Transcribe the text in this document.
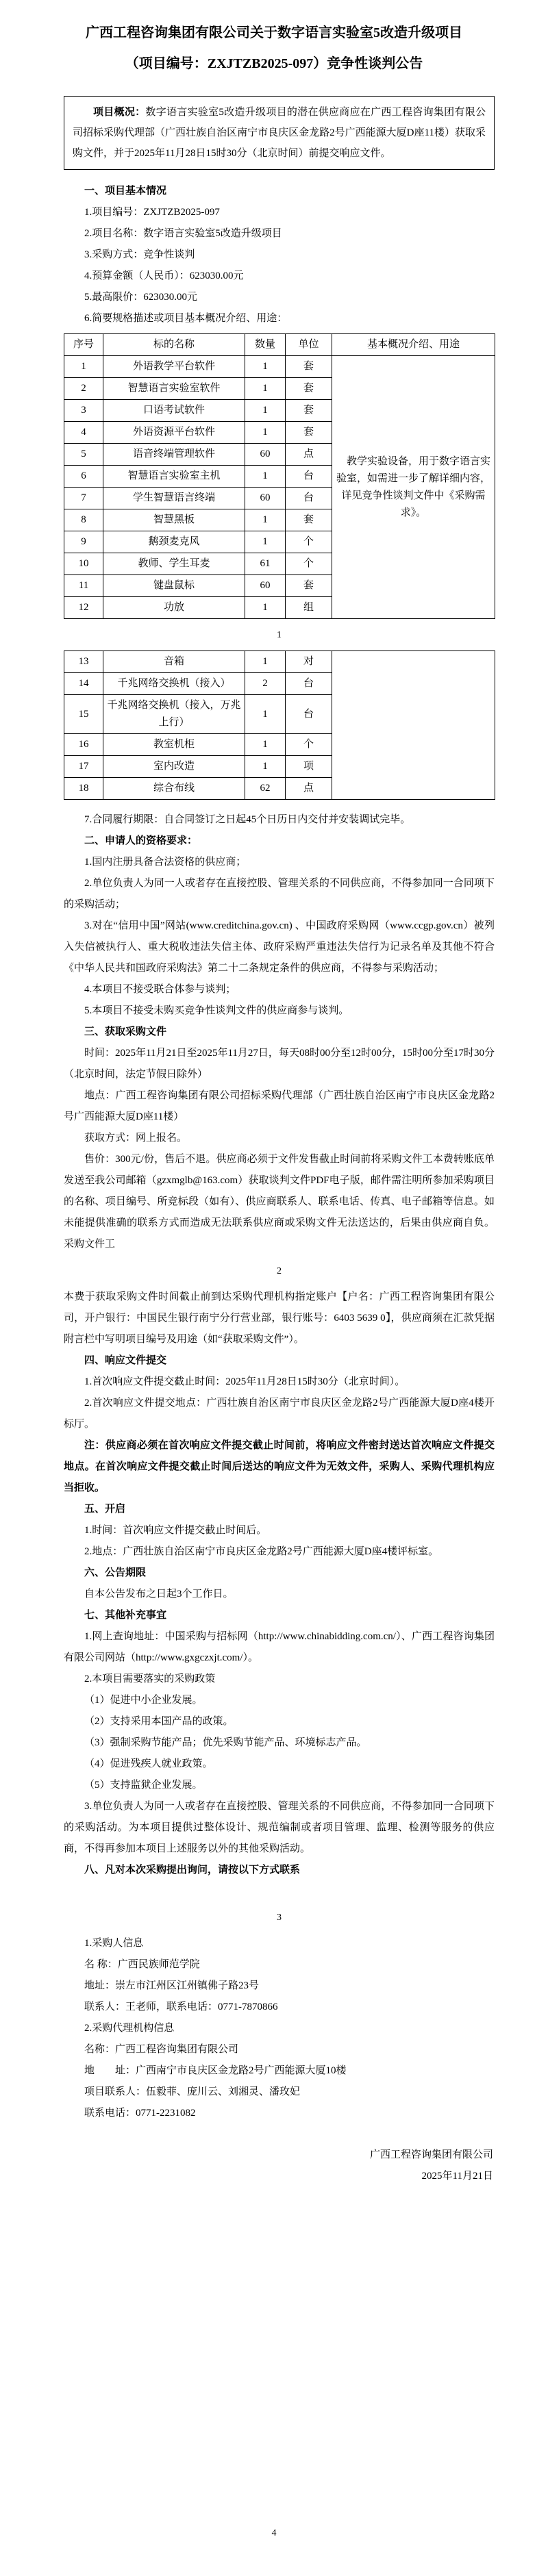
广西工程咨询集团有限公司关于数字语言实验室5改造升级项目
（项目编号：ZXJTZB2025-097）竞争性谈判公告

项目概况：数字语言实验室5改造升级项目的潜在供应商应在广西工程咨询集团有限公司招标采购代理部（广西壮族自治区南宁市良庆区金龙路2号广西能源大厦D座11楼）获取采购文件，并于2025年11月28日15时30分（北京时间）前提交响应文件。

一、项目基本情况

1.项目编号：ZXJTZB2025-097

2.项目名称：数字语言实验室5改造升级项目

3.采购方式：竞争性谈判

4.预算金额（人民币）：623030.00元

5.最高限价：623030.00元

6.简要规格描述或项目基本概况介绍、用途：

序号	标的名称	数量	单位	基本概况介绍、用途
1	外语教学平台软件	1	套	教学实验设备，用于数字语言实验室，如需进一步了解详细内容，详见竞争性谈判文件中《采购需求》。
2	智慧语言实验室软件	1	套	
3	口语考试软件	1	套	
4	外语资源平台软件	1	套	
5	语音终端管理软件	60	点	
6	智慧语言实验室主机	1	台	
7	学生智慧语言终端	60	台	
8	智慧黑板	1	套	
9	鹅颈麦克风	1	个	
10	教师、学生耳麦	61	个	
11	键盘鼠标	60	套	
12	功放	1	组	
1
13	音箱	1	对	
14	千兆网络交换机（接入）	2	台	
15	千兆网络交换机（接入，万兆上行）	1	台	
16	教室机柜	1	个	
17	室内改造	1	项	
18	综合布线	62	点	

7.合同履行期限：自合同签订之日起45个日历日内交付并安装调试完毕。

二、申请人的资格要求：

1.国内注册具备合法资格的供应商；

2.单位负责人为同一人或者存在直接控股、管理关系的不同供应商，不得参加同一合同项下的采购活动；

3.对在“信用中国”网站(www.creditchina.gov.cn) 、中国政府采购网（www.ccgp.gov.cn）被列入失信被执行人、重大税收违法失信主体、政府采购严重违法失信行为记录名单及其他不符合《中华人民共和国政府采购法》第二十二条规定条件的供应商，不得参与采购活动；

4.本项目不接受联合体参与谈判；

5.本项目不接受未购买竞争性谈判文件的供应商参与谈判。

三、获取采购文件

时间：2025年11月21日至2025年11月27日，每天08时00分至12时00分，15时00分至17时30分（北京时间，法定节假日除外）

地点：广西工程咨询集团有限公司招标采购代理部（广西壮族自治区南宁市良庆区金龙路2号广西能源大厦D座11楼）

获取方式：网上报名。

售价：300元/份，售后不退。供应商必须于文件发售截止时间前将采购文件工本费转账底单发送至我公司邮箱（gzxmglb@163.com）获取谈判文件PDF电子版，邮件需注明所参加采购项目的名称、项目编号、所竞标段（如有）、供应商联系人、联系电话、传真、电子邮箱等信息。如未能提供准确的联系方式而造成无法联系供应商或采购文件无法送达的，后果由供应商自负。采购文件工

2

本费于获取采购文件时间截止前到达采购代理机构指定账户【户名：广西工程咨询集团有限公司，开户银行：中国民生银行南宁分行营业部，银行账号：6403 5639 0】，供应商须在汇款凭据附言栏中写明项目编号及用途（如“获取采购文件”）。

四、响应文件提交

1.首次响应文件提交截止时间：2025年11月28日15时30分（北京时间）。

2.首次响应文件提交地点：广西壮族自治区南宁市良庆区金龙路2号广西能源大厦D座4楼开标厅。

注：供应商必须在首次响应文件提交截止时间前，将响应文件密封送达首次响应文件提交地点。在首次响应文件提交截止时间后送达的响应文件为无效文件，采购人、采购代理机构应当拒收。

五、开启

1.时间：首次响应文件提交截止时间后。

2.地点：广西壮族自治区南宁市良庆区金龙路2号广西能源大厦D座4楼评标室。

六、公告期限

自本公告发布之日起3个工作日。

七、其他补充事宜

1.网上查询地址：中国采购与招标网（http://www.chinabidding.com.cn/）、广西工程咨询集团有限公司网站（http://www.gxgczxjt.com/）。

2.本项目需要落实的采购政策

（1）促进中小企业发展。

（2）支持采用本国产品的政策。

（3）强制采购节能产品；优先采购节能产品、环境标志产品。

（4）促进残疾人就业政策。

（5）支持监狱企业发展。

3.单位负责人为同一人或者存在直接控股、管理关系的不同供应商，不得参加同一合同项下的采购活动。为本项目提供过整体设计、规范编制或者项目管理、监理、检测等服务的供应商，不得再参加本项目上述服务以外的其他采购活动。

八、凡对本次采购提出询问，请按以下方式联系

3

1.采购人信息

名 称：广西民族师范学院

地址：崇左市江州区江州镇佛子路23号

联系人：王老师，联系电话：0771-7870866

2.采购代理机构信息

名称：广西工程咨询集团有限公司

地　　址：广西南宁市良庆区金龙路2号广西能源大厦10楼

项目联系人：伍毅菲、庞川云、刘湘灵、潘玫妃

联系电话：0771-2231082

广西工程咨询集团有限公司

2025年11月21日

4
